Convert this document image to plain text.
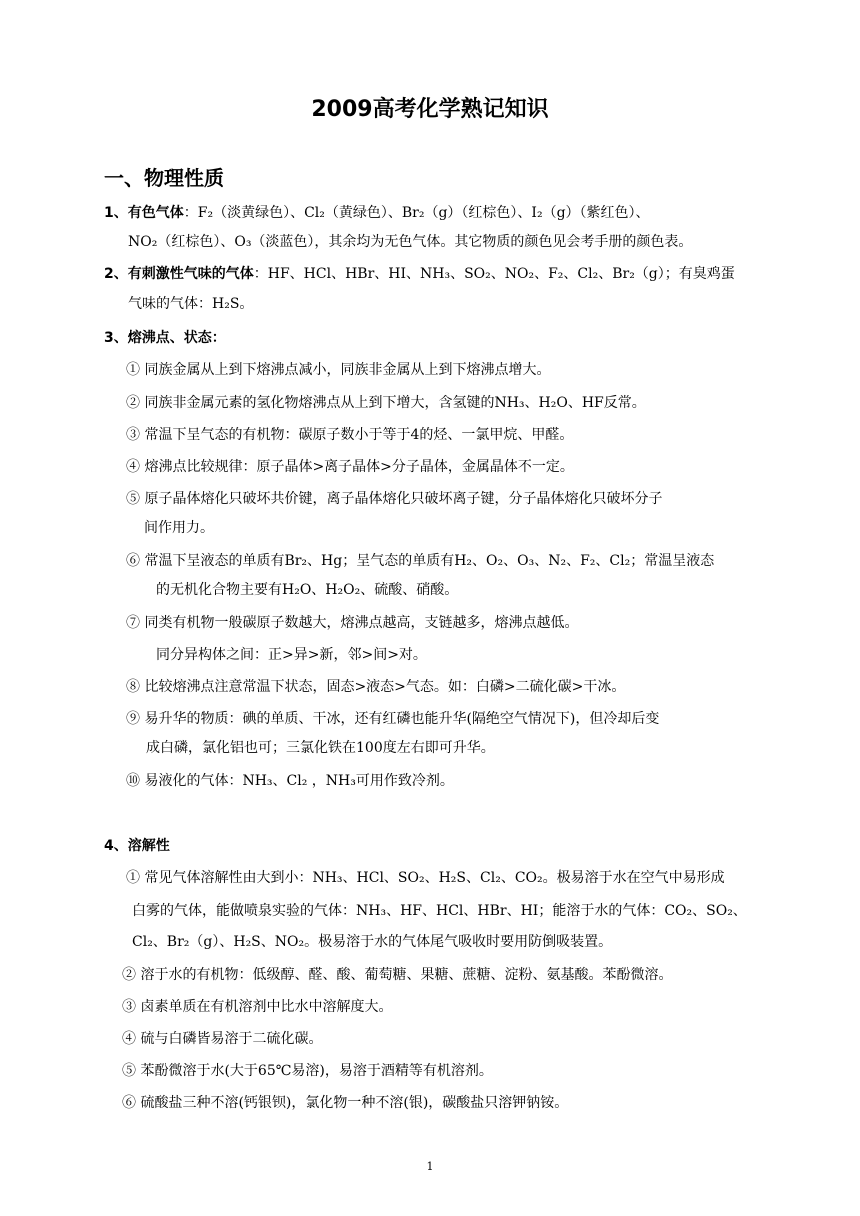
2009高考化学熟记知识
一、物理性质
1、有色气体：F₂（淡黄绿色）、Cl₂（黄绿色）、Br₂（g）（红棕色）、I₂（g）（紫红色）、
NO₂（红棕色）、O₃（淡蓝色），其余均为无色气体。其它物质的颜色见会考手册的颜色表。
2、有刺激性气味的气体：HF、HCl、HBr、HI、NH₃、SO₂、NO₂、F₂、Cl₂、Br₂（g）；有臭鸡蛋
气味的气体：H₂S。
3、熔沸点、状态：
① 同族金属从上到下熔沸点减小，同族非金属从上到下熔沸点增大。
② 同族非金属元素的氢化物熔沸点从上到下增大，含氢键的NH₃、H₂O、HF反常。
③ 常温下呈气态的有机物：碳原子数小于等于4的烃、一氯甲烷、甲醛。
④ 熔沸点比较规律：原子晶体>离子晶体>分子晶体，金属晶体不一定。
⑤ 原子晶体熔化只破坏共价键，离子晶体熔化只破坏离子键，分子晶体熔化只破坏分子
间作用力。
⑥ 常温下呈液态的单质有Br₂、Hg；呈气态的单质有H₂、O₂、O₃、N₂、F₂、Cl₂；常温呈液态
的无机化合物主要有H₂O、H₂O₂、硫酸、硝酸。
⑦ 同类有机物一般碳原子数越大，熔沸点越高，支链越多，熔沸点越低。
同分异构体之间：正>异>新，邻>间>对。
⑧ 比较熔沸点注意常温下状态，固态>液态>气态。如：白磷>二硫化碳>干冰。
⑨ 易升华的物质：碘的单质、干冰，还有红磷也能升华(隔绝空气情况下)，但冷却后变
成白磷，氯化铝也可；三氯化铁在100度左右即可升华。
⑩ 易液化的气体：NH₃、Cl₂ ，NH₃可用作致冷剂。
4、溶解性
① 常见气体溶解性由大到小：NH₃、HCl、SO₂、H₂S、Cl₂、CO₂。极易溶于水在空气中易形成
白雾的气体，能做喷泉实验的气体：NH₃、HF、HCl、HBr、HI；能溶于水的气体：CO₂、SO₂、
Cl₂、Br₂（g）、H₂S、NO₂。极易溶于水的气体尾气吸收时要用防倒吸装置。
② 溶于水的有机物：低级醇、醛、酸、葡萄糖、果糖、蔗糖、淀粉、氨基酸。苯酚微溶。
③ 卤素单质在有机溶剂中比水中溶解度大。
④ 硫与白磷皆易溶于二硫化碳。
⑤ 苯酚微溶于水(大于65℃易溶)，易溶于酒精等有机溶剂。
⑥ 硫酸盐三种不溶(钙银钡)，氯化物一种不溶(银)，碳酸盐只溶钾钠铵。
1
